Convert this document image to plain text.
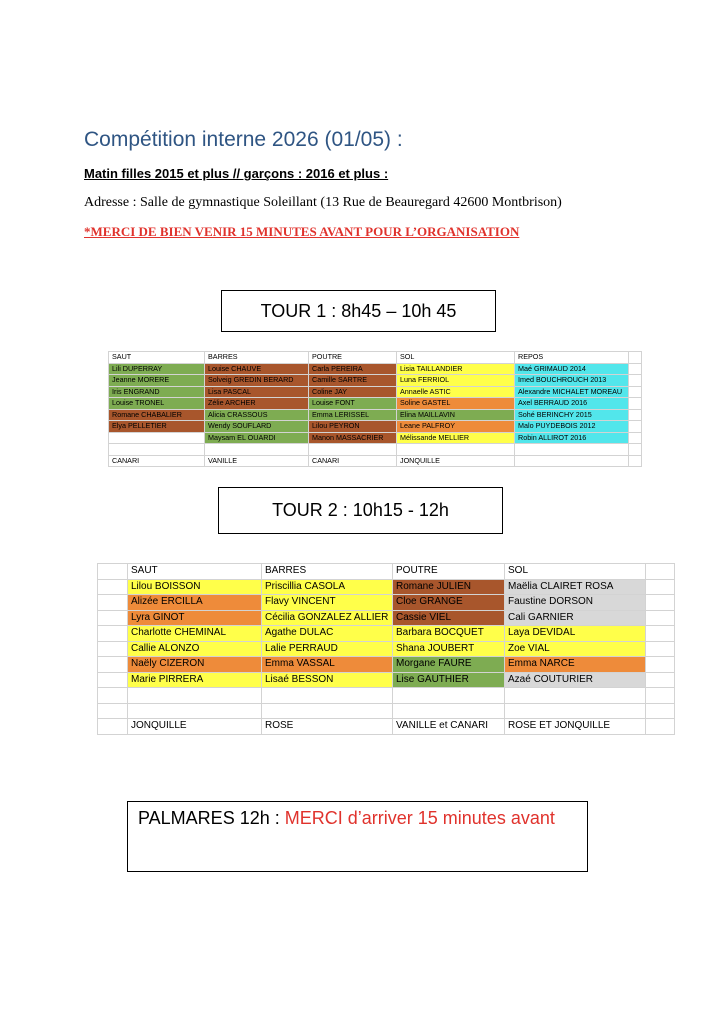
Compétition interne 2026 (01/05) :
Matin filles 2015 et plus // garçons : 2016 et plus :
Adresse : Salle de gymnastique Soleillant (13 Rue de Beauregard 42600 Montbrison)
*MERCI DE BIEN VENIR 15 MINUTES AVANT POUR L’ORGANISATION
TOUR 1 : 8h45 – 10h 45
SAUT	BARRES	POUTRE	SOL	REPOS	
Lili DUPERRAY	Louise CHAUVE	Carla PEREIRA	Lisia TAILLANDIER	Maé GRIMAUD 2014	
Jeanne MORERE	Solveig GREDIN BERARD	Camille SARTRE	Luna FERRIOL	Imed BOUCHROUCH 2013	
Iris ENGRAND	Lisa PASCAL	Coline JAY	Annaelle ASTIC	Alexandre MICHALET MOREAU	
Louise TRONEL	Zélie ARCHER	Louise FONT	Soline GASTEL	Axel BERRAUD 2016	
Romane CHABALIER	Alicia CRASSOUS	Emma LERISSEL	Elina MAILLAVIN	Sohé BERINCHY 2015	
Elya PELLETIER	Wendy SOUFLARD	Lilou PEYRON	Leane PALFROY	Malo PUYDEBOIS 2012	
	Maysam EL OUARDI	Manon MASSACRIER	Mélissande MELLIER	Robin ALLIROT 2016	

CANARI	VANILLE	CANARI	JONQUILLE		
TOUR 2 : 10h15 - 12h
	SAUT	BARRES	POUTRE	SOL	
	Lilou BOISSON	Priscillia CASOLA	Romane JULIEN	Maëlia CLAIRET ROSA	
	Alizée ERCILLA	Flavy VINCENT	Cloe GRANGE	Faustine DORSON	
	Lyra GINOT	Cécilia GONZALEZ ALLIER	Cassie VIEL	Cali GARNIER	
	Charlotte CHEMINAL	Agathe DULAC	Barbara BOCQUET	Laya DEVIDAL	
	Callie ALONZO	Lalie PERRAUD	Shana JOUBERT	Zoe VIAL	
	Naëly CIZERON	Emma VASSAL	Morgane FAURE	Emma NARCE	
	Marie PIRRERA	Lisaé BESSON	Lise GAUTHIER	Azaé COUTURIER	

	JONQUILLE	ROSE	VANILLE et CANARI	ROSE ET JONQUILLE	
PALMARES 12h : MERCI d’arriver 15 minutes avant
